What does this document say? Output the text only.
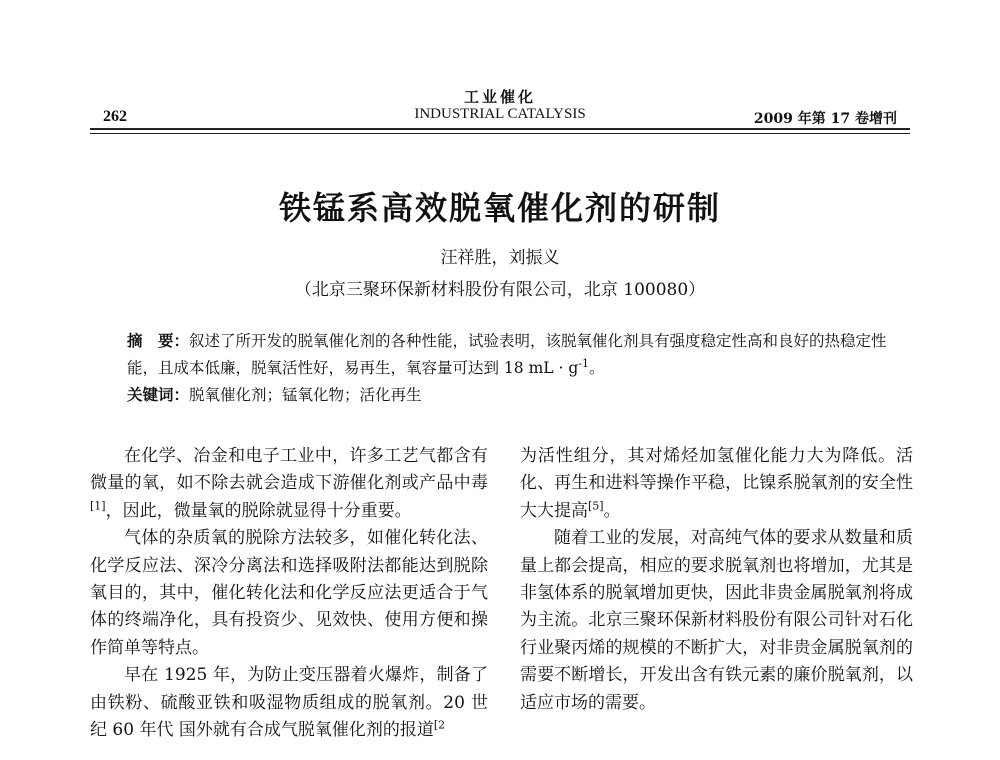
262
工业催化
INDUSTRIAL CATALYSIS	2009 年第 17 卷增刊
铁锰系高效脱氧催化剂的研制
汪祥胜，刘振义
（北京三聚环保新材料股份有限公司，北京 100080）

摘　要：叙述了所开发的脱氧催化剂的各种性能，试验表明，该脱氧催化剂具有强度稳定性高和良好的热稳定性能，且成本低廉，脱氧活性好，易再生，氧容量可达到 18 mL · $g^{-1}$。

关键词：脱氧催化剂；锰氧化物；活化再生

在化学、冶金和电子工业中，许多工艺气都含有微量的氧，如不除去就会造成下游催化剂或产品中毒[1]，因此，微量氧的脱除就显得十分重要。

气体的杂质氧的脱除方法较多，如催化转化法、化学反应法、深冷分离法和选择吸附法都能达到脱除氧目的，其中，催化转化法和化学反应法更适合于气体的终端净化，具有投资少、见效快、使用方便和操作简单等特点。

早在 1925 年，为防止变压器着火爆炸，制备了由铁粉、硫酸亚铁和吸湿物质组成的脱氧剂。20 世纪 60 年代 国外就有合成气脱氧催化剂的报道$^{[2}$

为活性组分，其对烯烃加氢催化能力大为降低。活化、再生和进料等操作平稳，比镍系脱氧剂的安全性大大提高[5]。

随着工业的发展，对高纯气体的要求从数量和质量上都会提高，相应的要求脱氧剂也将增加，尤其是非氢体系的脱氧增加更快，因此非贵金属脱氧剂将成为主流。北京三聚环保新材料股份有限公司针对石化行业聚丙烯的规模的不断扩大，对非贵金属脱氧剂的需要不断增长，开发出含有铁元素的廉价脱氧剂，以适应市场的需要。
